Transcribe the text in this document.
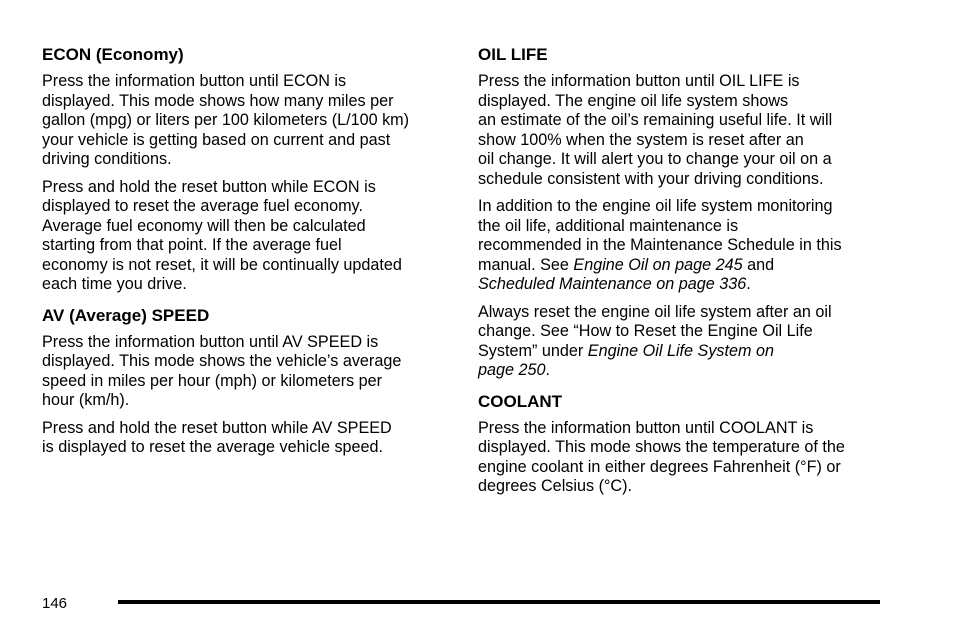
ECON (Economy)

Press the information button until ECON is
displayed. This mode shows how many miles per
gallon (mpg) or liters per 100 kilometers (L/100 km)
your vehicle is getting based on current and past
driving conditions.

Press and hold the reset button while ECON is
displayed to reset the average fuel economy.
Average fuel economy will then be calculated
starting from that point. If the average fuel
economy is not reset, it will be continually updated
each time you drive.

AV (Average) SPEED

Press the information button until AV SPEED is
displayed. This mode shows the vehicle’s average
speed in miles per hour (mph) or kilometers per
hour (km/h).

Press and hold the reset button while AV SPEED
is displayed to reset the average vehicle speed.

OIL LIFE

Press the information button until OIL LIFE is
displayed. The engine oil life system shows
an estimate of the oil’s remaining useful life. It will
show 100% when the system is reset after an
oil change. It will alert you to change your oil on a
schedule consistent with your driving conditions.

In addition to the engine oil life system monitoring
the oil life, additional maintenance is
recommended in the Maintenance Schedule in this
manual. See Engine Oil on page 245 and
Scheduled Maintenance on page 336.

Always reset the engine oil life system after an oil
change. See “How to Reset the Engine Oil Life
System” under Engine Oil Life System on
page 250.

COOLANT

Press the information button until COOLANT is
displayed. This mode shows the temperature of the
engine coolant in either degrees Fahrenheit (°F) or
degrees Celsius (°C).

146
